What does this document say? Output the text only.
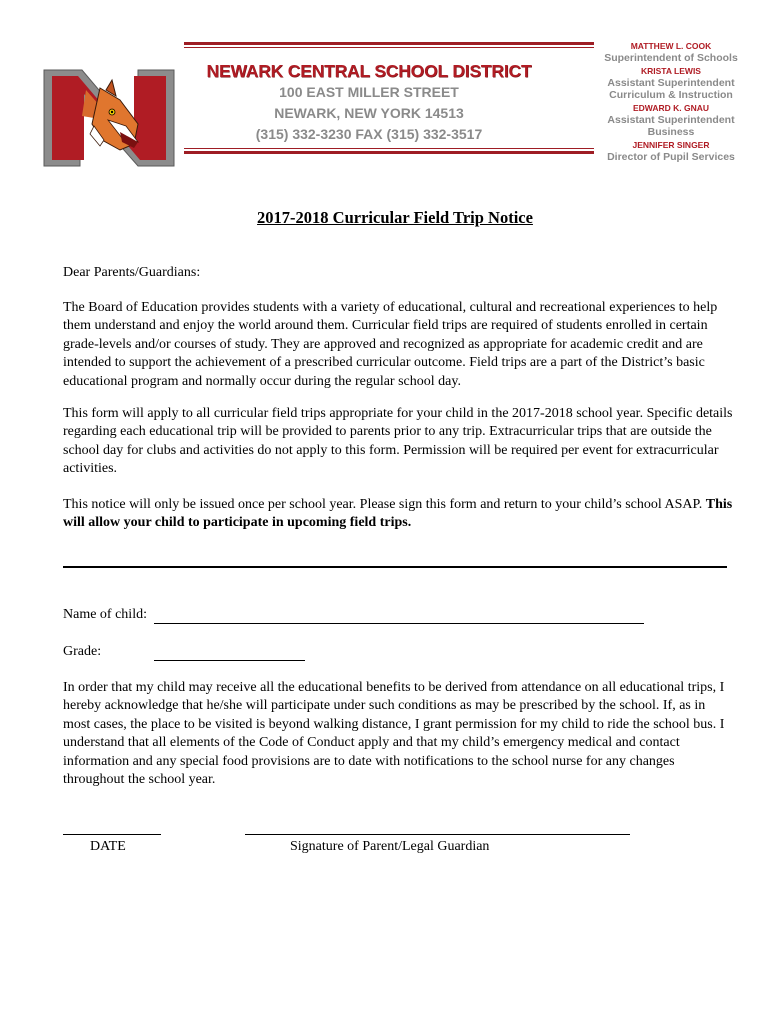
NEWARK CENTRAL SCHOOL DISTRICT
100 EAST MILLER STREET
NEWARK, NEW YORK 14513
(315) 332-3230 FAX (315) 332-3517
MATTHEW L. COOK
Superintendent of Schools
KRISTA LEWIS
Assistant Superintendent Curriculum & Instruction
EDWARD K. GNAU
Assistant Superintendent Business
JENNIFER SINGER
Director of Pupil Services
2017-2018 Curricular Field Trip Notice
Dear Parents/Guardians:
The Board of Education provides students with a variety of educational, cultural and recreational experiences to help them understand and enjoy the world around them. Curricular field trips are required of students enrolled in certain grade-levels and/or courses of study. They are approved and recognized as appropriate for academic credit and are intended to support the achievement of a prescribed curricular outcome. Field trips are a part of the District’s basic educational program and normally occur during the regular school day.
This form will apply to all curricular field trips appropriate for your child in the 2017-2018 school year. Specific details regarding each educational trip will be provided to parents prior to any trip. Extracurricular trips that are outside the school day for clubs and activities do not apply to this form. Permission will be required per event for extracurricular activities.
This notice will only be issued once per school year. Please sign this form and return to your child’s school ASAP. This will allow your child to participate in upcoming field trips.
Name of child:
Grade:
In order that my child may receive all the educational benefits to be derived from attendance on all educational trips, I hereby acknowledge that he/she will participate under such conditions as may be prescribed by the school. If, as in most cases, the place to be visited is beyond walking distance, I grant permission for my child to ride the school bus. I understand that all elements of the Code of Conduct apply and that my child’s emergency medical and contact information and any special food provisions are to date with notifications to the school nurse for any changes throughout the school year.
DATE	Signature of Parent/Legal Guardian
